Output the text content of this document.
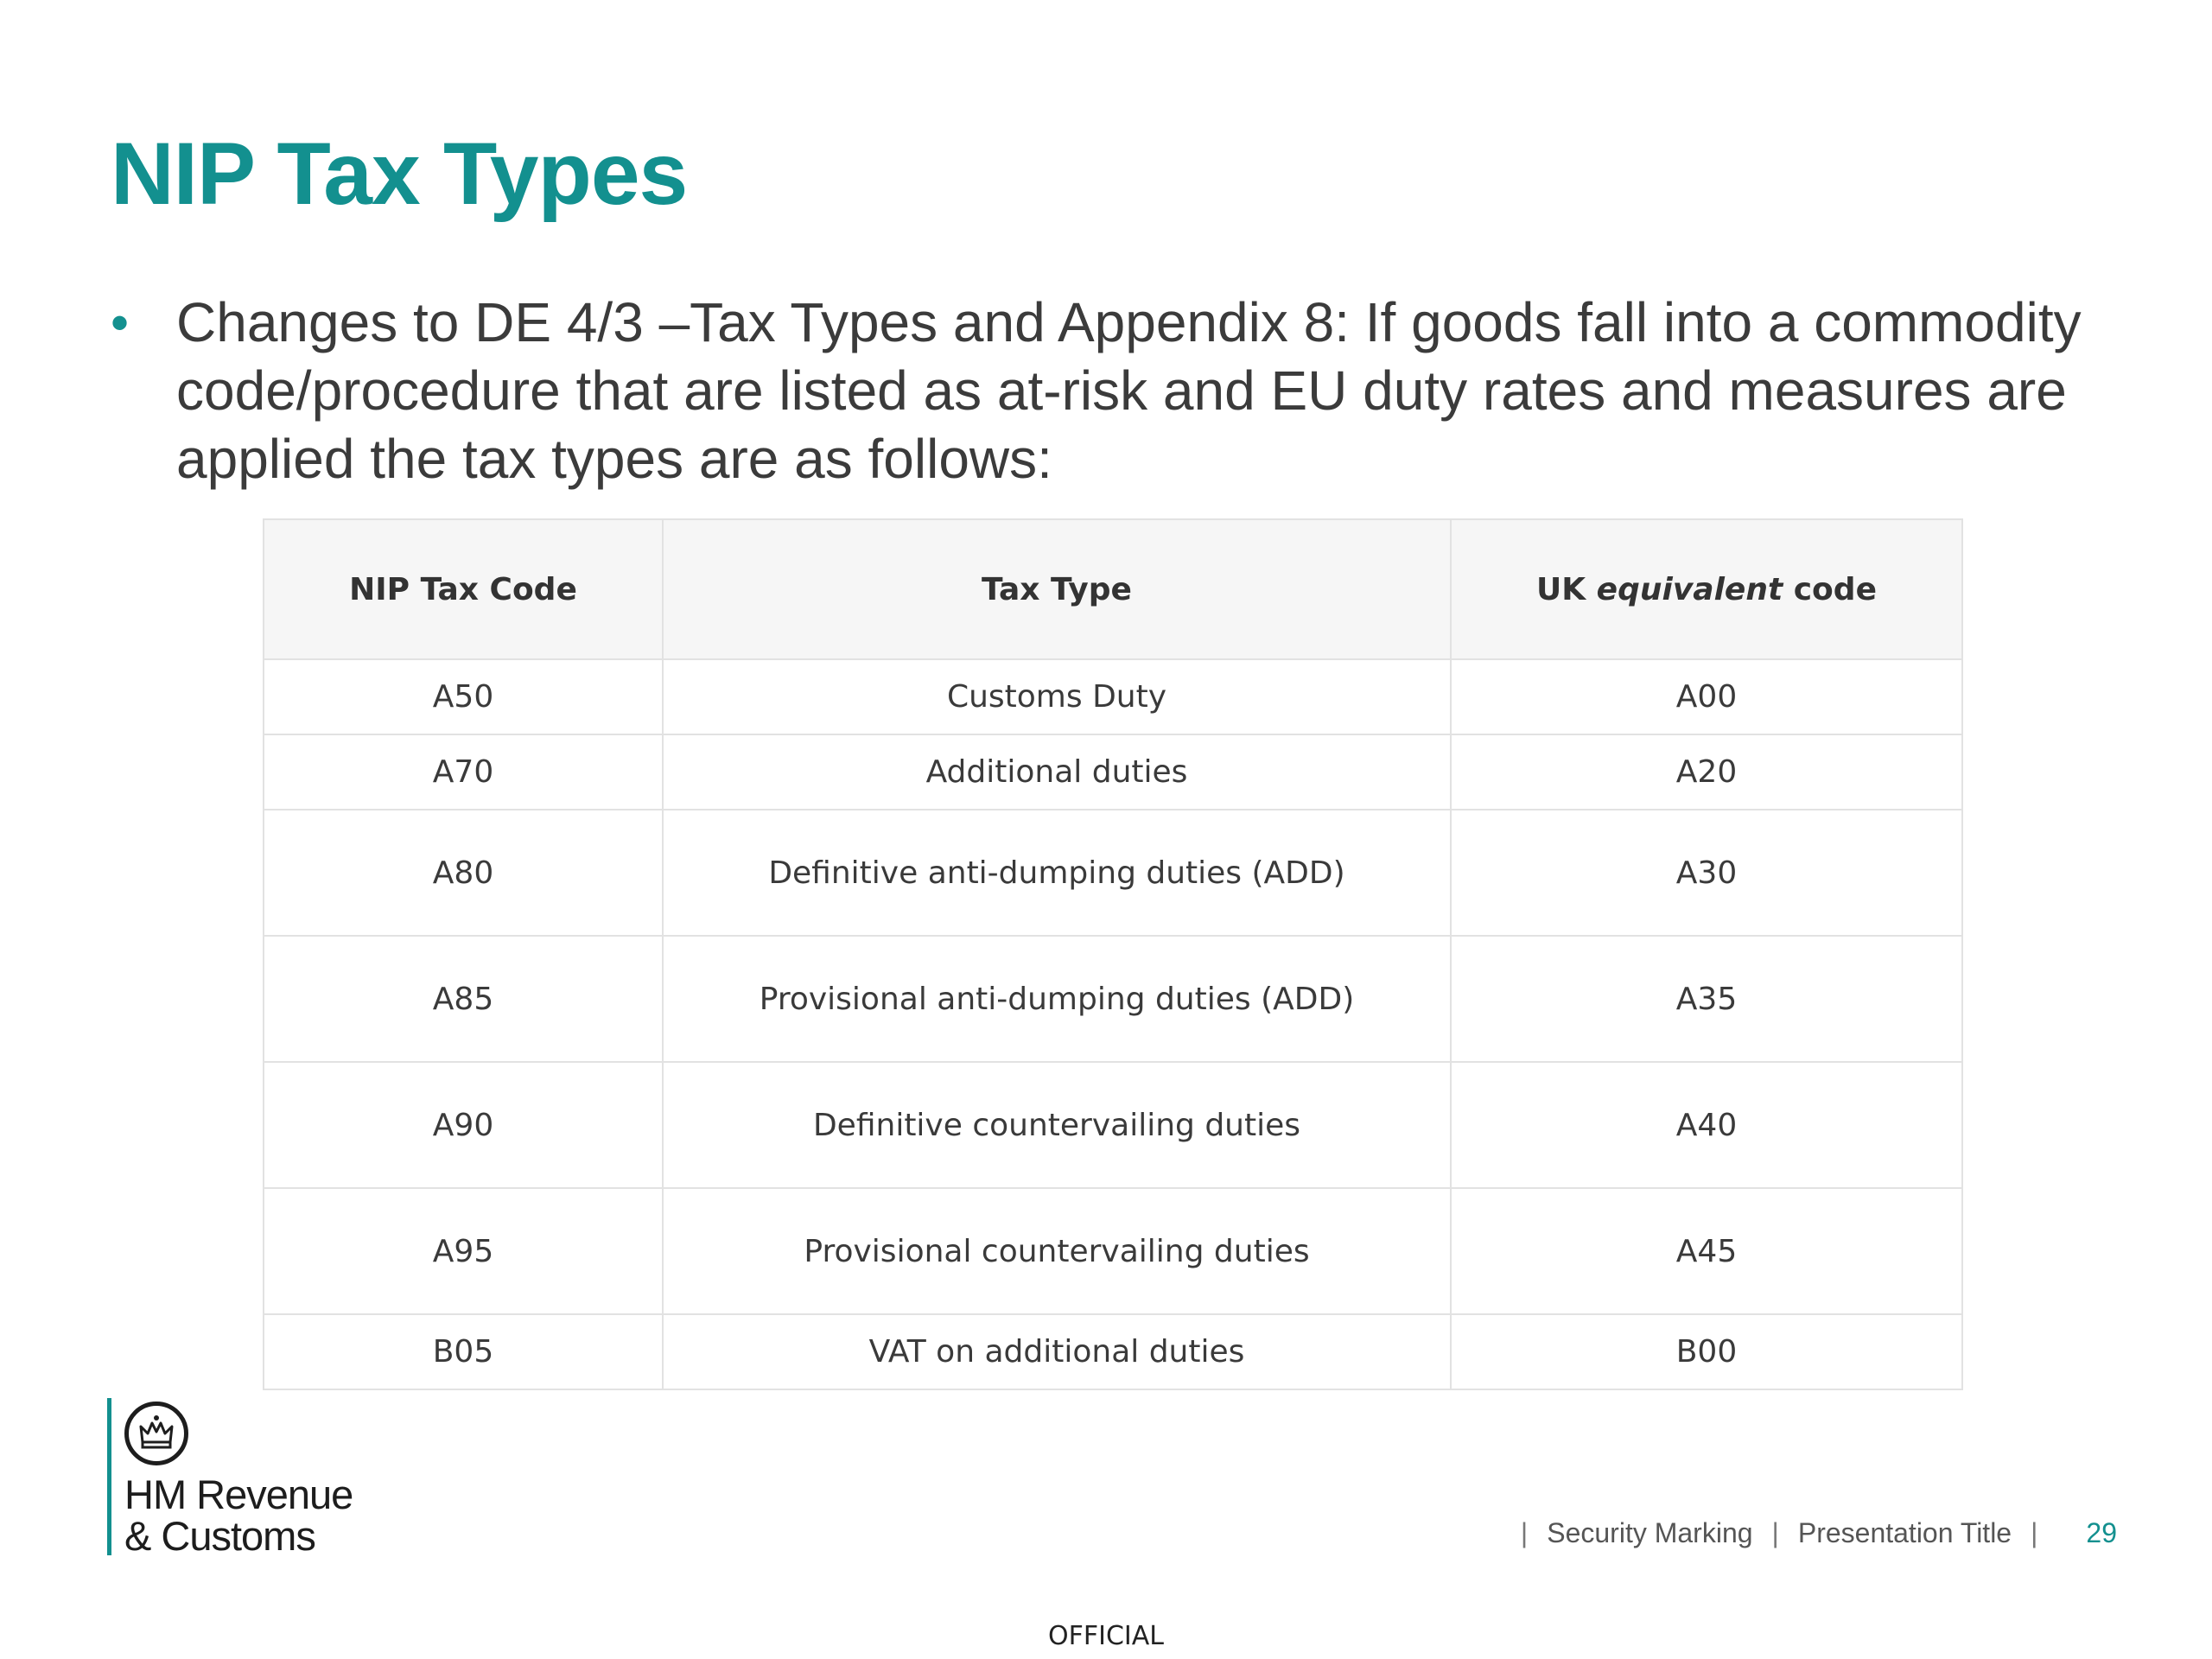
NIP Tax Types
• Changes to DE 4/3 –Tax Types and Appendix 8: If goods fall into a commodity code/procedure that are listed as at-risk and EU duty rates and measures are applied the tax types are as follows:

NIP Tax Code	Tax Type	UK equivalent code
A50	Customs Duty	A00
A70	Additional duties	A20
A80	Definitive anti-dumping duties (ADD)	A30
A85	Provisional anti-dumping duties (ADD)	A35
A90	Definitive countervailing duties	A40
A95	Provisional countervailing duties	A45
B05	VAT on additional duties	B00
HM Revenue
& Customs	| Security Marking | Presentation Title | 29
OFFICIAL
